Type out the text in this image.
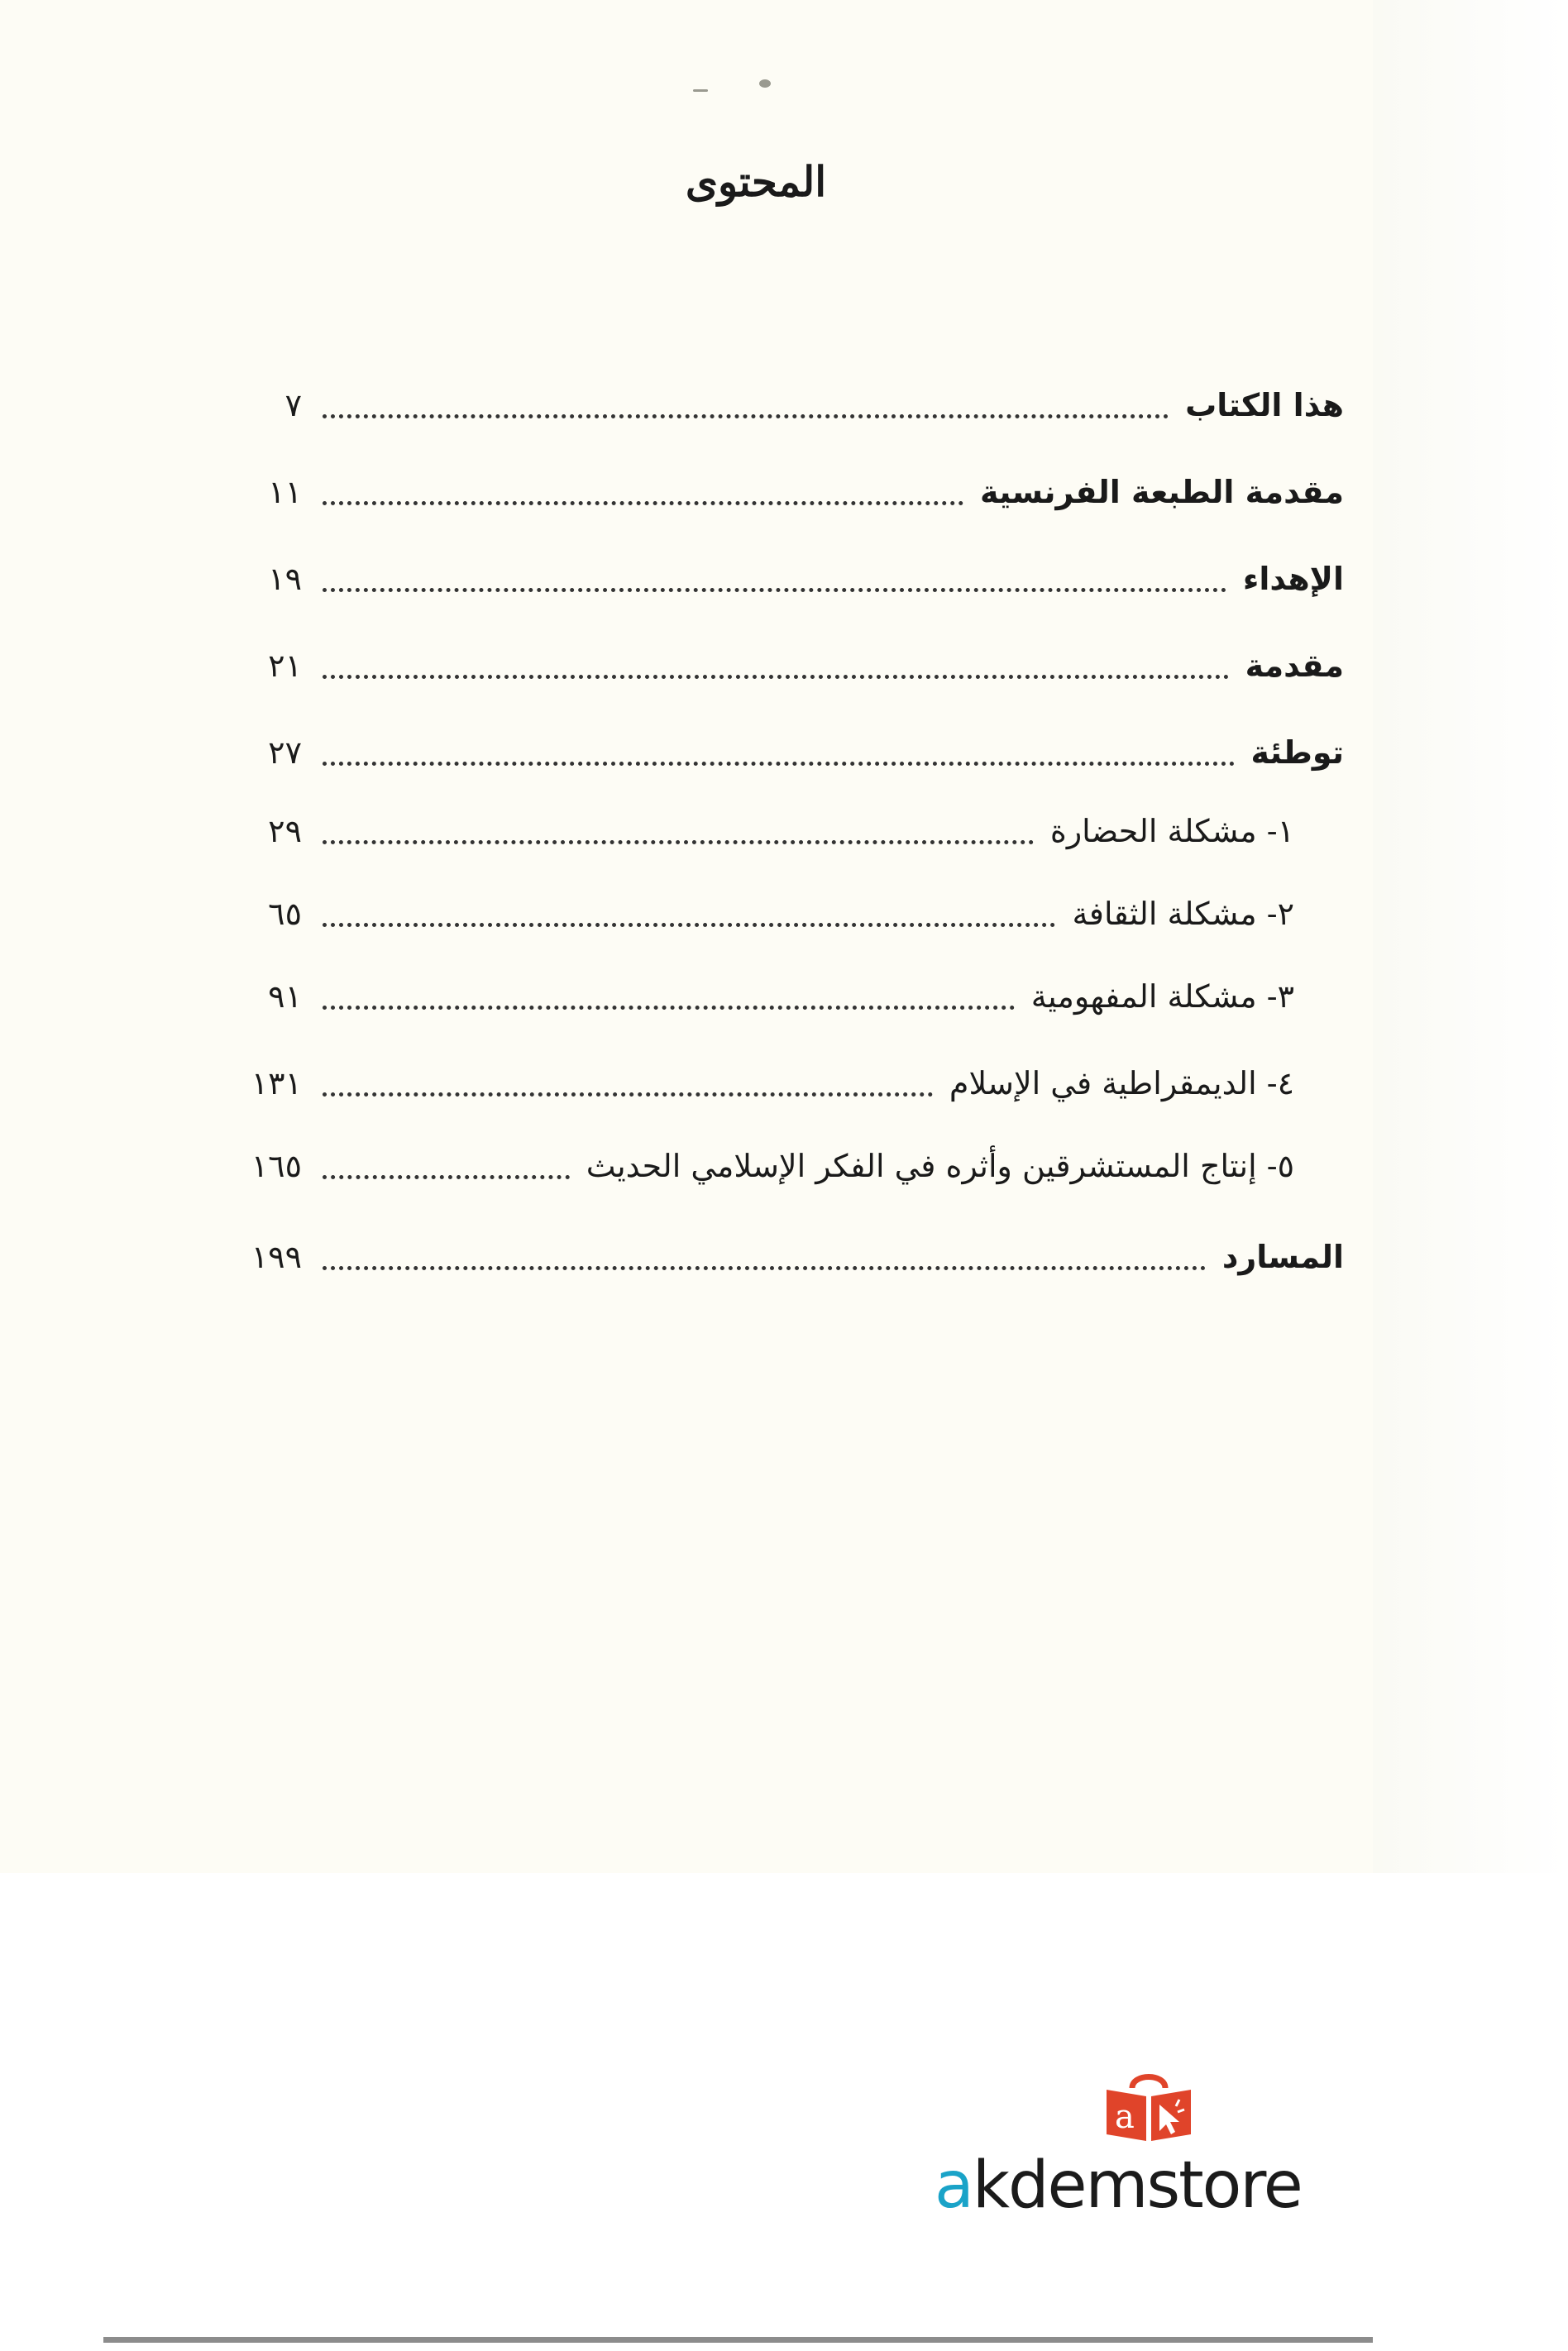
المحتوى
هذا الكتاب
٧
مقدمة الطبعة الفرنسية
١١
الإهداء
١٩
مقدمة
٢١
توطئة
٢٧
١- مشكلة الحضارة
٢٩
٢- مشكلة الثقافة
٦٥
٣- مشكلة المفهومية
٩١
٤- الديمقراطية في الإسلام
١٣١
٥- إنتاج المستشرقين وأثره في الفكر الإسلامي الحديث
١٦٥
المسارد
١٩٩
a
akdemstore
